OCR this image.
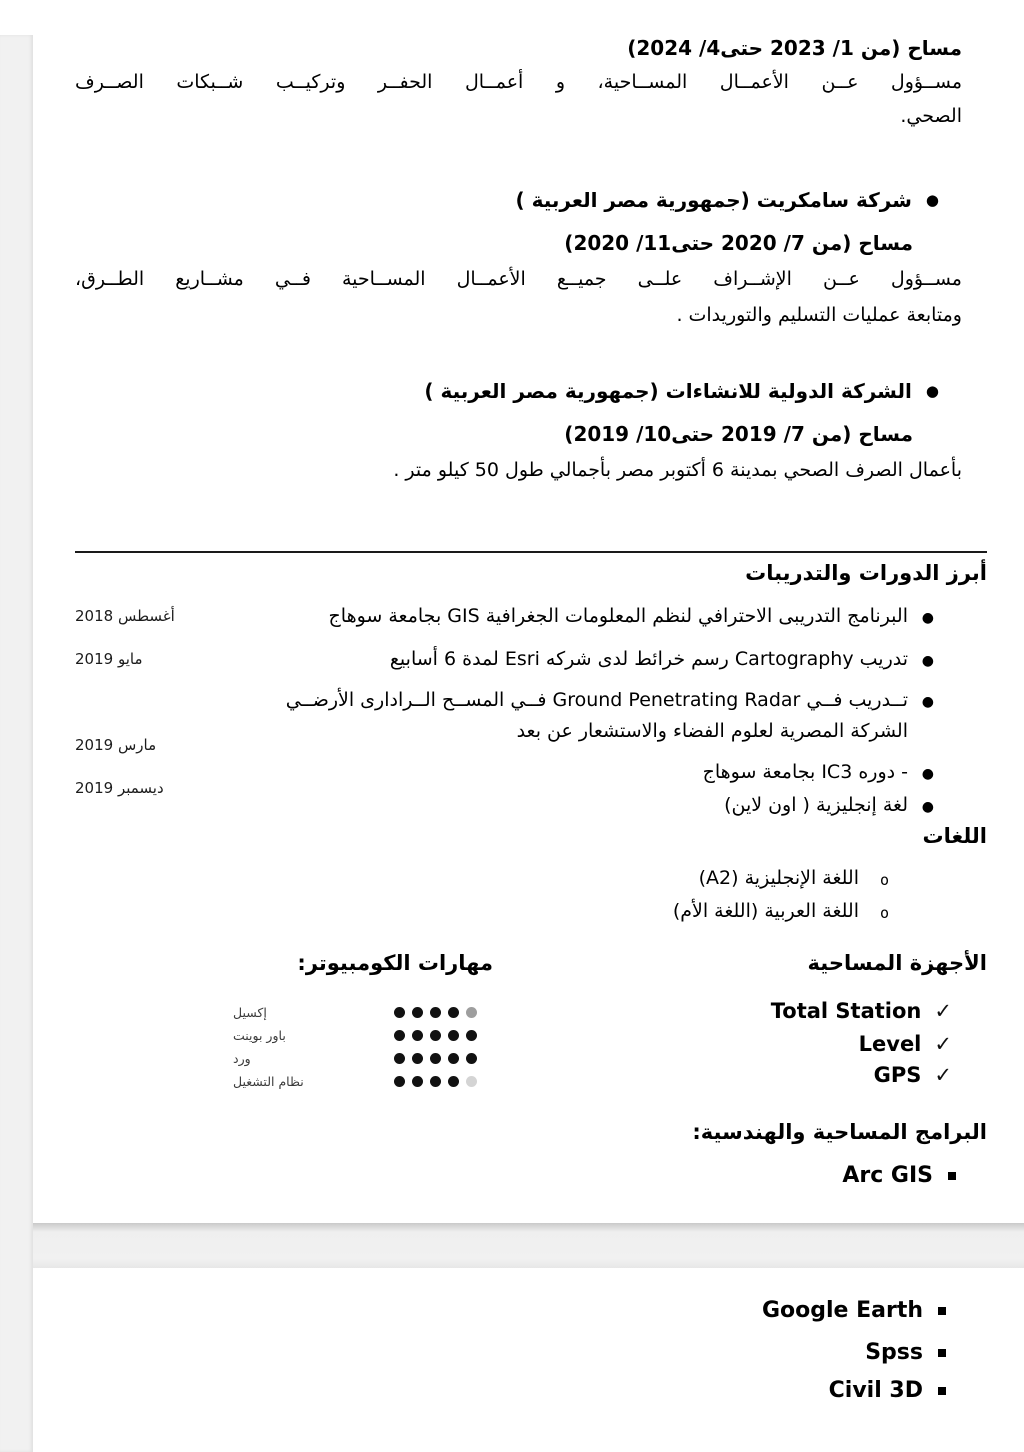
مساح (من 1/ 2023 حتى4/ 2024)
مســؤول عــن الأعمــال المســاحية، و أعمــال الحفــر وتركيــب شــبكات الصــرف
الصحي.
●شركة سامكريت (جمهورية مصر العربية )
مساح (من 7/ 2020 حتى11/ 2020)
مســؤول عــن الإشــراف علــى جميــع الأعمــال المســاحية فــي مشــاريع الطــرق،
ومتابعة عمليات التسليم والتوريدات .
●الشركة الدولية للانشاءات (جمهورية مصر العربية )
مساح (من 7/ 2019 حتى10/ 2019)
بأعمال الصرف الصحي بمدينة 6 أكتوبر مصر بأجمالي طول 50 كيلو متر .
أبرز الدورات والتدريبات
●
البرنامج التدريبى الاحترافي لنظم المعلومات الجغرافية GIS بجامعة سوهاج
●
تدريب Cartography رسم خرائط لدى شركه Esri لمدة 6 أسابيع
●
تــدريب فــي Ground Penetrating Radar فــي المســح الــرادارى الأرضــي
الشركة المصرية لعلوم الفضاء والاستشعار عن بعد
●
- دوره IC3 بجامعة سوهاج
●
لغة إنجليزية ( اون لاين)
أغسطس 2018
مايو 2019
مارس 2019
ديسمبر 2019
اللغات
o
اللغة الإنجليزية (A2)
o
اللغة العربية (اللغة الأم)
الأجهزة المساحية
Total Station ✓
Level ✓
GPS ✓
مهارات الكومبيوتر:
إكسيل
باور بوينت
ورد
نظام التشغيل
البرامج المساحية والهندسية:
Arc GIS
Google Earth
Spss
Civil 3D
